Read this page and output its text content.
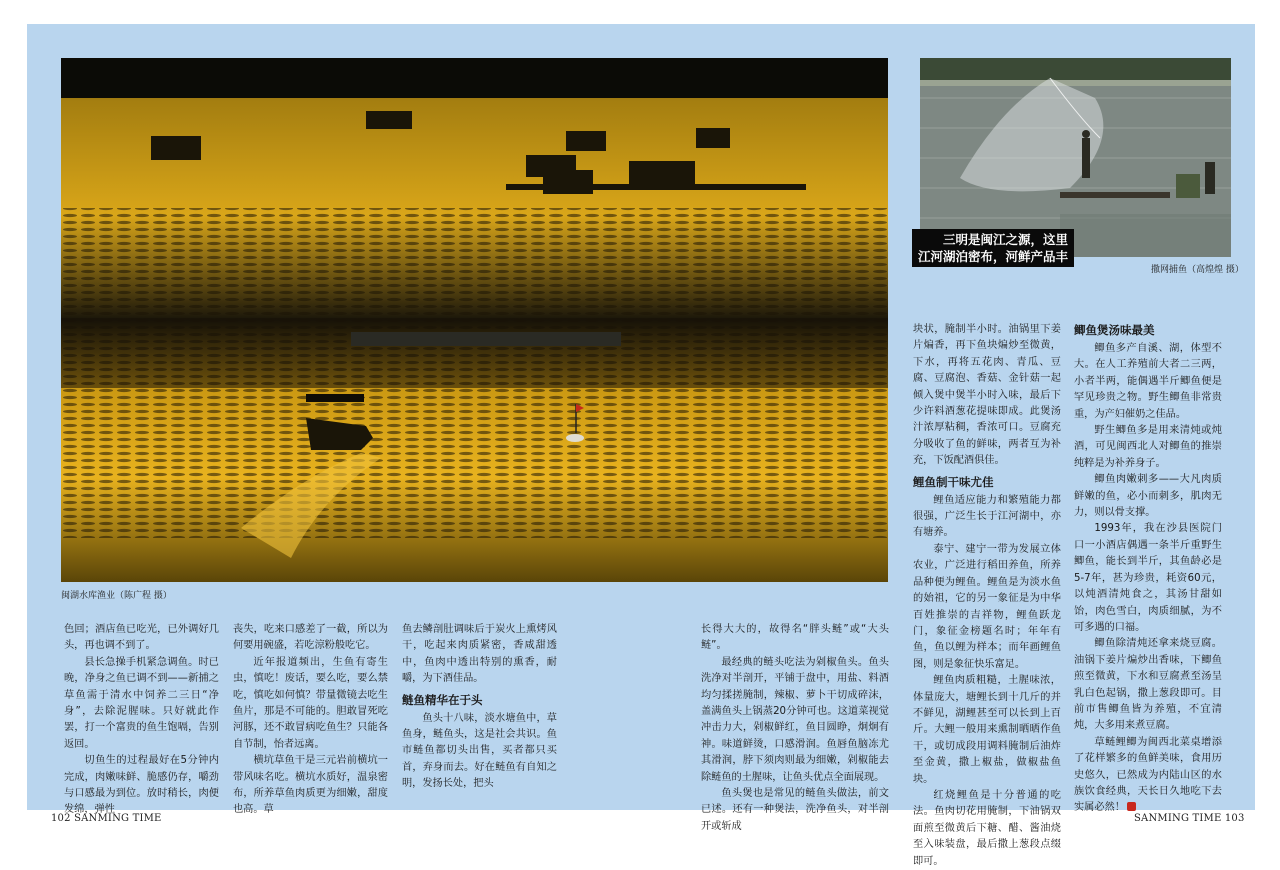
闽湖水库渔业（陈广程 摄）
撒网捕鱼（高煌煌 摄）
三明是闽江之源，这里
江河湖泊密布，河鲜产品丰

色回；酒店鱼已吃光，已外调好几头，再也调不到了。

县长急操手机紧急调鱼。时已晚，净身之鱼已调不到——新捕之草鱼需于清水中饲养二三日“净身”，去除泥腥味。只好就此作罢，打一个富贵的鱼生饱嗝，告别返回。

切鱼生的过程最好在5分钟内完成，肉嫩味鲜、脆感仍存，嚼劲与口感最为到位。放时稍长，肉便发绵，弹性

丧失，吃来口感差了一截，所以为何要用碗盛，若吃涼粉般吃它。

近年报道频出，生鱼有寄生虫，慎吃！废话，要么吃，要么禁吃，慎吃如何慎？带量微镜去吃生鱼片，那是不可能的。胆敢冒死吃河豚，还不敢冒病吃鱼生？只能各自节制，怡者远离。

横坑草鱼干是三元岩前横坑一带风味名吃。横坑水质好，温泉密布，所养草鱼肉质更为细嫩，甜度也高。草

鱼去鳞剖肚调味后于炭火上熏烤风干，吃起来肉质紧密，香咸甜透中，鱼肉中透出特别的熏香，耐嚼，为下酒佳品。

鲢鱼精华在于头

鱼头十八味，淡水塘鱼中，草鱼身，鲢鱼头，这是社会共识。鱼市鲢鱼都切头出售，买者都只买首，弃身而去。好在鲢鱼有自知之明，发扬长处，把头

长得大大的，故得名“胖头鲢”或“大头鲢”。

最经典的鲢头吃法为剁椒鱼头。鱼头洗净对半剖开，平铺于盘中，用盐、料酒均匀揉搓腌制，辣椒、萝卜干切成碎沫，盖满鱼头上锅蒸20分钟可也。这道菜视觉冲击力大，剁椒鲜红，鱼目圆睁，炯炯有神。味道鲜烫，口感滑润。鱼唇鱼脑冻尤其滑润，脖下须肉则最为细嫩，剁椒能去除鲢鱼的土腥味，让鱼头优点全面展现。

鱼头煲也是常见的鲢鱼头做法，前文已述。还有一种煲法，洗净鱼头，对半剖开或斩成

块状，腌制半小时。油锅里下姜片煸香，再下鱼块煸炒至微黄，下水，再将五花肉、青瓜、豆腐、豆腐泡、香菇、金针菇一起倾入煲中煲半小时入味，最后下少许料酒葱花提味即成。此煲汤汁浓厚粘稠，香浓可口。豆腐充分吸收了鱼的鲜味，两者互为补充，下饭配酒俱佳。

鲤鱼制干味尤佳

鲤鱼适应能力和繁殖能力都很强，广泛生长于江河湖中，亦有塘养。

泰宁、建宁一带为发展立体农业，广泛进行稻田养鱼，所养品种便为鲤鱼。鲤鱼是为淡水鱼的始祖，它的另一象征是为中华百姓推崇的吉祥物，鲤鱼跃龙门，象征金榜题名时；年年有鱼，鱼以鲤为样本；而年画鲤鱼图，则是象征快乐富足。

鲤鱼肉质粗糙，土腥味浓，体量庞大，塘鲤长到十几斤的并不鲜见，湖鲤甚至可以长到上百斤。大鲤一般用来熏制晒晒作鱼干，或切成段用调料腌制后油炸至金黄，撒上椒盐，做椒盐鱼块。

红烧鲤鱼是十分普通的吃法。鱼肉切花用腌制，下油锅双面煎至微黄后下糖、醋、酱油烧至入味装盘，最后撒上葱段点缀即可。

鲫鱼煲汤味最美

鲫鱼多产自溪、湖，体型不大。在人工养殖前大者二三两，小者半两，能偶遇半斤鲫鱼便是罕见珍贵之物。野生鲫鱼非常贵重，为产妇催奶之佳品。

野生鲫鱼多是用来清炖或炖酒，可见闽西北人对鲫鱼的推崇纯粹是为补养身子。

鲫鱼肉嫩刺多——大凡肉质鲜嫩的鱼，必小而刺多，肌肉无力，则以骨支撑。

1993年，我在沙县医院门口一小酒店偶遇一条半斤重野生鲫鱼，能长到半斤，其鱼龄必是5-7年，甚为珍贵，耗资60元，以炖酒清炖食之，其汤甘甜如饴，肉色雪白，肉质细腻，为不可多遇的口福。

鲫鱼除清炖还拿来烧豆腐。油锅下姜片煸炒出香味，下鲫鱼煎至微黄，下水和豆腐煮至汤呈乳白色起锅，撒上葱段即可。目前市售鲫鱼皆为养殖，不宜清炖，大多用来煮豆腐。

草鲢鲤鲫为闽西北菜桌增添了花样繁多的鱼鲜美味，食用历史悠久，已然成为内陆山区的水族饮食经典，天长日久地吃下去实属必然！

102 SANMING TIME	SANMING TIME 103
